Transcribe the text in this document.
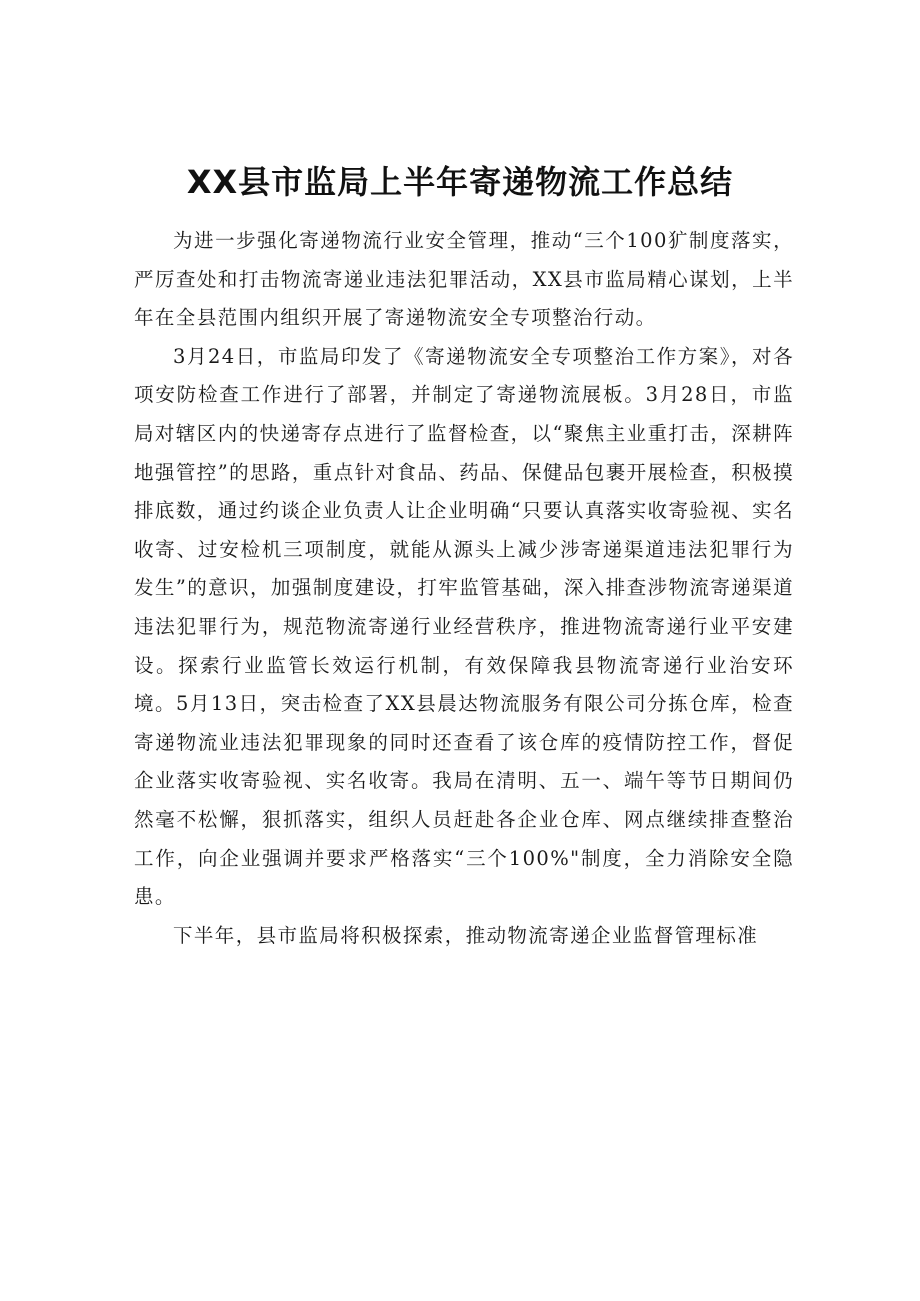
XX县市监局上半年寄递物流工作总结

为进一步强化寄递物流行业安全管理，推动“三个100犷制度落实，严厉查处和打击物流寄递业违法犯罪活动，XX县市监局精心谋划，上半年在全县范围内组织开展了寄递物流安全专项整治行动。

3月24日，市监局印发了《寄递物流安全专项整治工作方案》，对各项安防检查工作进行了部署，并制定了寄递物流展板。3月28日，市监局对辖区内的快递寄存点进行了监督检查，以“聚焦主业重打击，深耕阵地强管控”的思路，重点针对食品、药品、保健品包裹开展检查，积极摸排底数，通过约谈企业负责人让企业明确“只要认真落实收寄验视、实名收寄、过安检机三项制度，就能从源头上减少涉寄递渠道违法犯罪行为发生”的意识，加强制度建设，打牢监管基础，深入排查涉物流寄递渠道违法犯罪行为，规范物流寄递行业经营秩序，推进物流寄递行业平安建设。探索行业监管长效运行机制，有效保障我县物流寄递行业治安环境。5月13日，突击检查了XX县晨达物流服务有限公司分拣仓库，检查寄递物流业违法犯罪现象的同时还查看了该仓库的疫情防控工作，督促企业落实收寄验视、实名收寄。我局在清明、五一、端午等节日期间仍然毫不松懈，狠抓落实，组织人员赶赴各企业仓库、网点继续排查整治工作，向企业强调并要求严格落实“三个100%"制度，全力消除安全隐患。

下半年，县市监局将积极探索，推动物流寄递企业监督管理标准
